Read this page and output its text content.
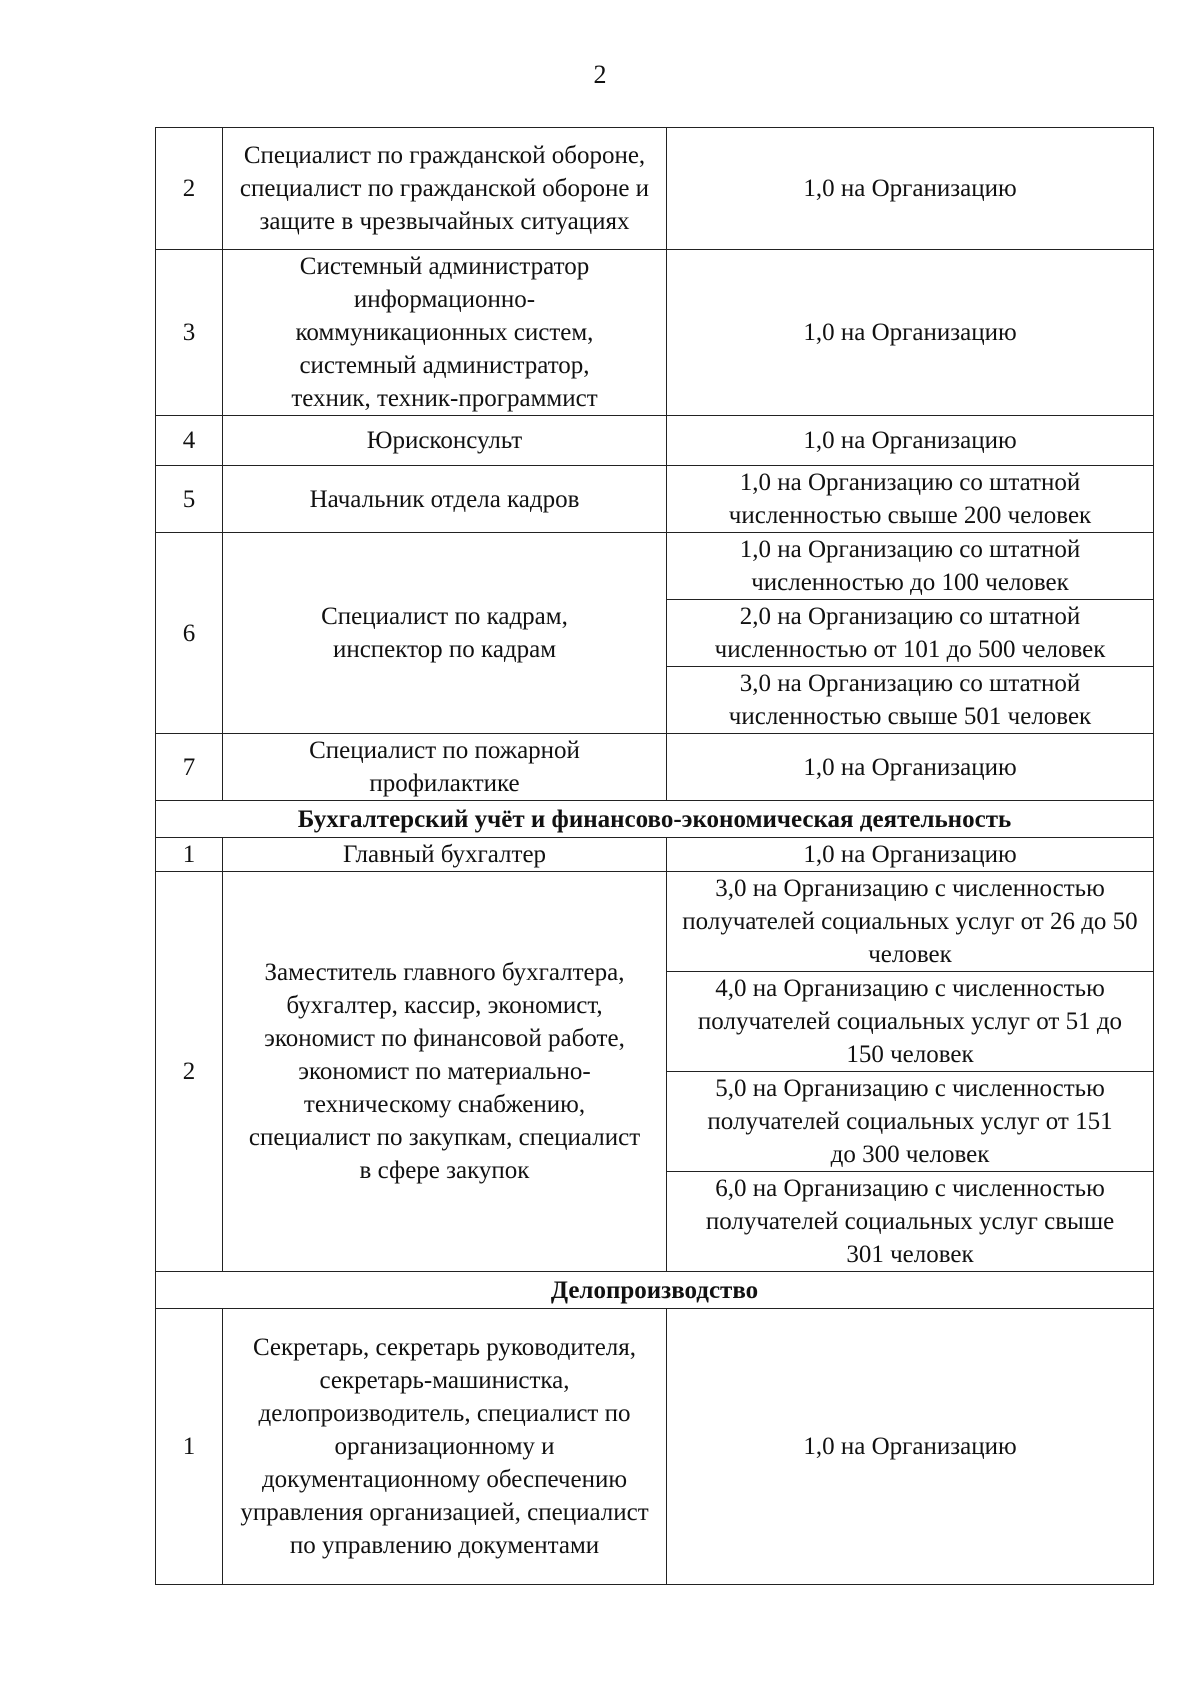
2
2	Специалист по гражданской обороне, специалист по гражданской обороне и защите в чрезвычайных ситуациях	1,0 на Организацию
3	Системный администратор информационно-коммуникационных систем, системный администратор, техник, техник-программист	1,0 на Организацию
4	Юрисконсульт	1,0 на Организацию
5	Начальник отдела кадров	1,0 на Организацию со штатной численностью свыше 200 человек
6	Специалист по кадрам, инспектор по кадрам	1,0 на Организацию со штатной численностью до 100 человек
		2,0 на Организацию со штатной численностью от 101 до 500 человек
		3,0 на Организацию со штатной численностью свыше 501 человек
7	Специалист по пожарной профилактике	1,0 на Организацию
Бухгалтерский учёт и финансово-экономическая деятельность		
1	Главный бухгалтер	1,0 на Организацию
2	Заместитель главного бухгалтера, бухгалтер, кассир, экономист, экономист по финансовой работе, экономист по материально-техническому снабжению, специалист по закупкам, специалист в сфере закупок	3,0 на Организацию с численностью получателей социальных услуг от 26 до 50 человек
		4,0 на Организацию с численностью получателей социальных услуг от 51 до 150 человек
		5,0 на Организацию с численностью получателей социальных услуг от 151 до 300 человек
		6,0 на Организацию с численностью получателей социальных услуг свыше 301 человек
Делопроизводство		
1	Секретарь, секретарь руководителя, секретарь-машинистка, делопроизводитель, специалист по организационному и документационному обеспечению управления организацией, специалист по управлению документами	1,0 на Организацию
